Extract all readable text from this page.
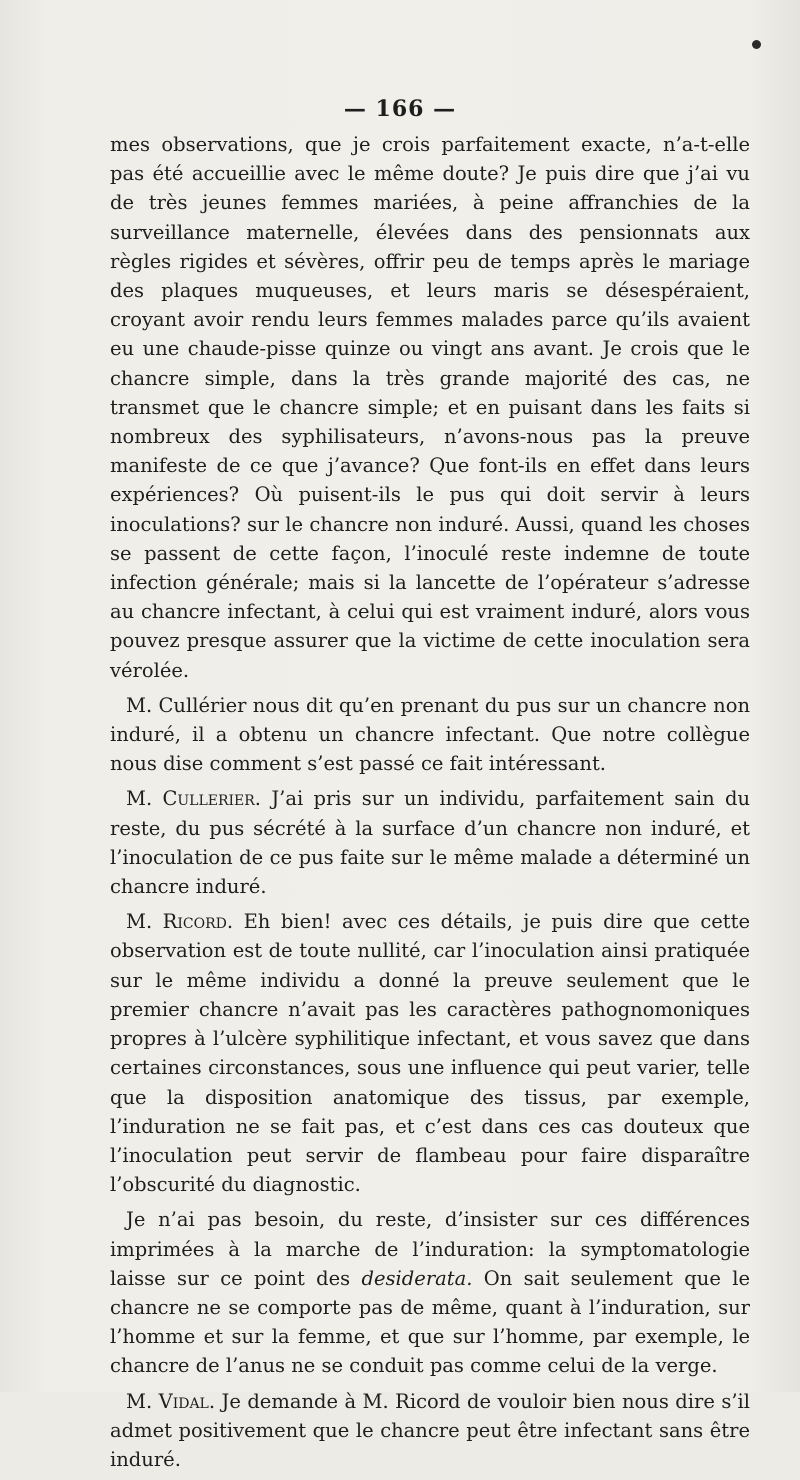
— 166 —

mes observations, que je crois parfaitement exacte, n’a-t-elle pas été accueillie avec le même doute? Je puis dire que j’ai vu de très jeunes femmes mariées, à peine affranchies de la surveillance maternelle, élevées dans des pensionnats aux règles rigides et sévères, offrir peu de temps après le mariage des plaques muqueuses, et leurs maris se désespéraient, croyant avoir rendu leurs femmes malades parce qu’ils avaient eu une chaude-pisse quinze ou vingt ans avant. Je crois que le chancre simple, dans la très grande majorité des cas, ne transmet que le chancre simple; et en puisant dans les faits si nombreux des syphilisateurs, n’avons-nous pas la preuve manifeste de ce que j’avance? Que font-ils en effet dans leurs expériences? Où puisent-ils le pus qui doit servir à leurs inoculations? sur le chancre non induré. Aussi, quand les choses se passent de cette façon, l’inoculé reste indemne de toute infection générale; mais si la lancette de l’opérateur s’adresse au chancre infectant, à celui qui est vraiment induré, alors vous pouvez presque assurer que la victime de cette inoculation sera vérolée.

M. Cullérier nous dit qu’en prenant du pus sur un chancre non induré, il a obtenu un chancre infectant. Que notre collègue nous dise comment s’est passé ce fait intéressant.

M. Cullerier. J’ai pris sur un individu, parfaitement sain du reste, du pus sécrété à la surface d’un chancre non induré, et l’inoculation de ce pus faite sur le même malade a déterminé un chancre induré.

M. Ricord. Eh bien! avec ces détails, je puis dire que cette observation est de toute nullité, car l’inoculation ainsi pratiquée sur le même individu a donné la preuve seulement que le premier chancre n’avait pas les caractères pathognomoniques propres à l’ulcère syphilitique infectant, et vous savez que dans certaines circonstances, sous une influence qui peut varier, telle que la disposition anatomique des tissus, par exemple, l’induration ne se fait pas, et c’est dans ces cas douteux que l’inoculation peut servir de flambeau pour faire disparaître l’obscurité du diagnostic.

Je n’ai pas besoin, du reste, d’insister sur ces différences imprimées à la marche de l’induration: la symptomatologie laisse sur ce point des desiderata. On sait seulement que le chancre ne se comporte pas de même, quant à l’induration, sur l’homme et sur la femme, et que sur l’homme, par exemple, le chancre de l’anus ne se conduit pas comme celui de la verge.

M. Vidal. Je demande à M. Ricord de vouloir bien nous dire s’il admet positivement que le chancre peut être infectant sans être induré.
